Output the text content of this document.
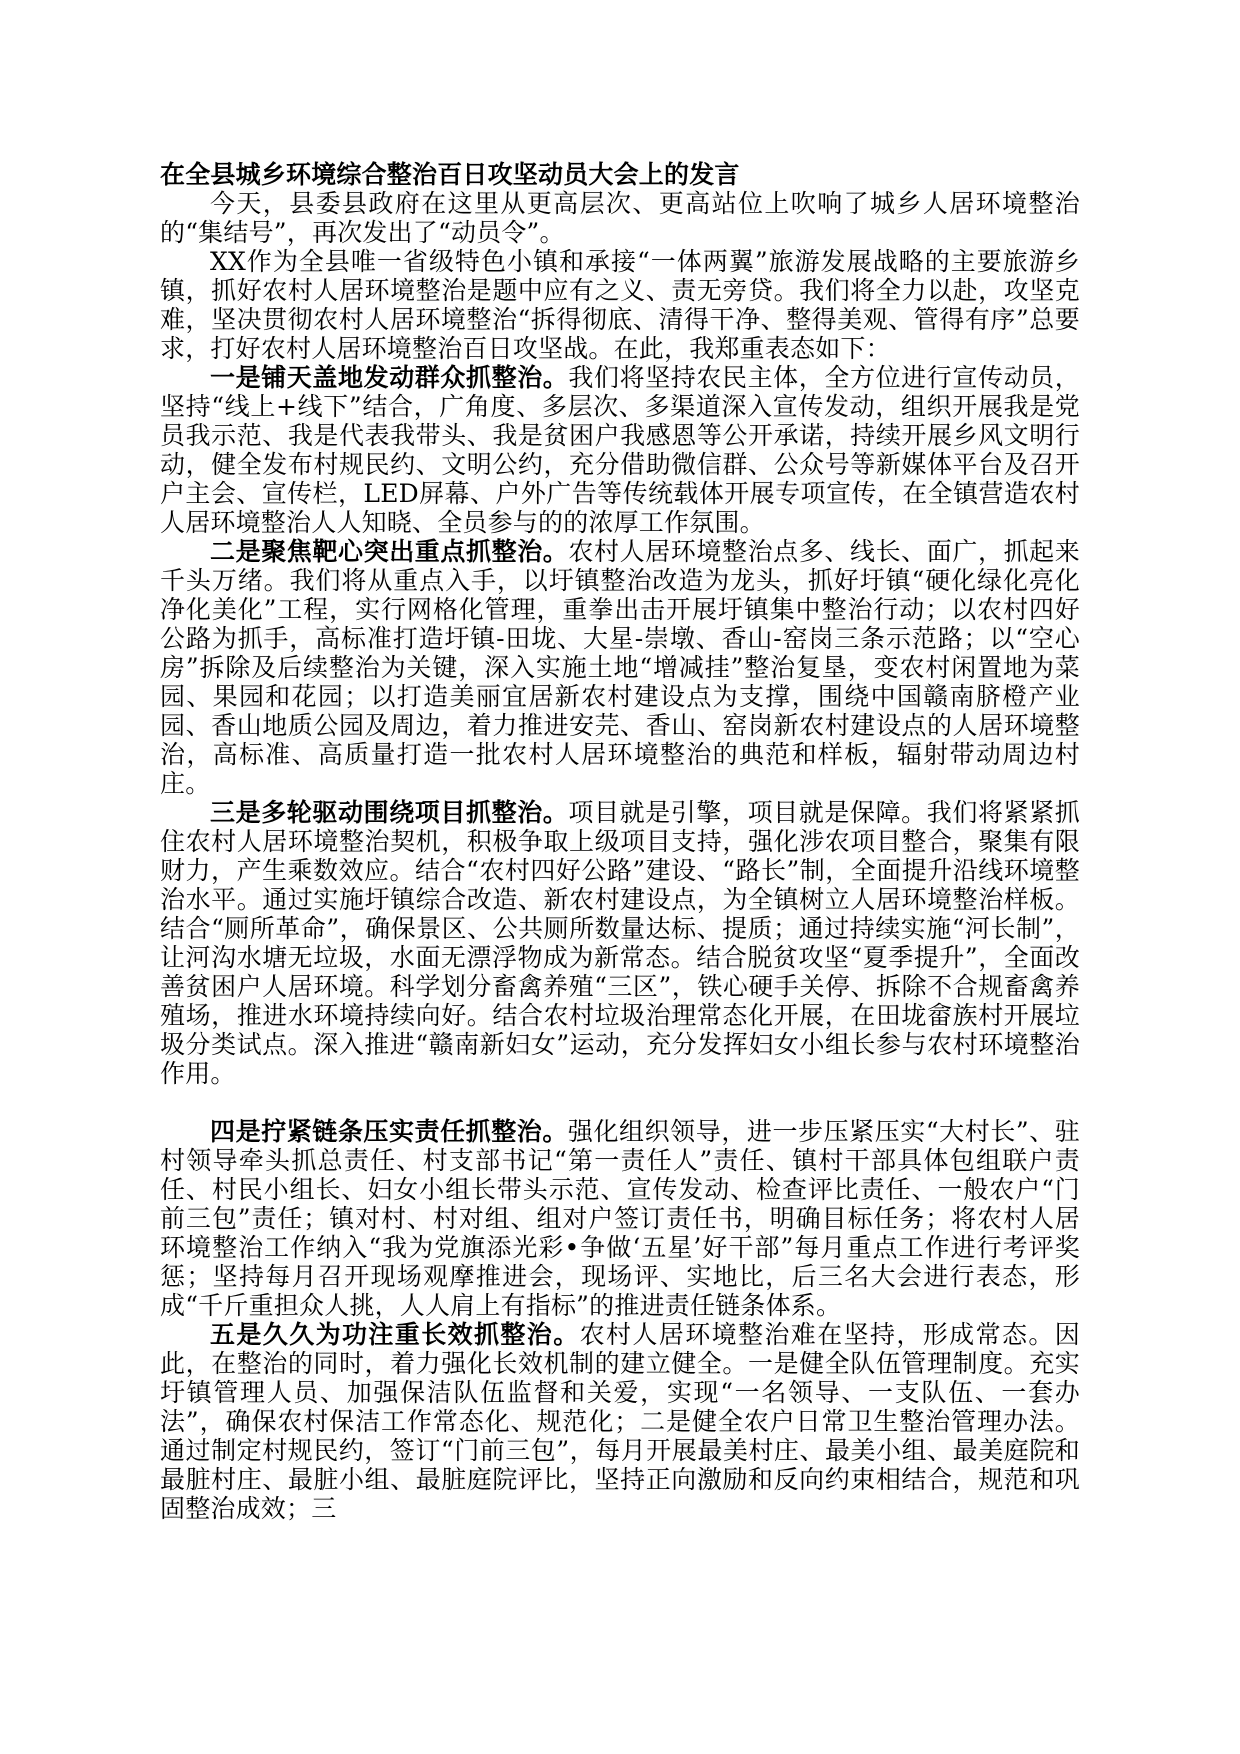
在全县城乡环境综合整治百日攻坚动员大会上的发言

今天，县委县政府在这里从更高层次、更高站位上吹响了城乡人居环境整治的“集结号”，再次发出了“动员令”。

XX作为全县唯一省级特色小镇和承接“一体两翼”旅游发展战略的主要旅游乡镇，抓好农村人居环境整治是题中应有之义、责无旁贷。我们将全力以赴，攻坚克难，坚决贯彻农村人居环境整治“拆得彻底、清得干净、整得美观、管得有序”总要求，打好农村人居环境整治百日攻坚战。在此，我郑重表态如下：

一是铺天盖地发动群众抓整治。我们将坚持农民主体，全方位进行宣传动员，坚持“线上+线下”结合，广角度、多层次、多渠道深入宣传发动，组织开展我是党员我示范、我是代表我带头、我是贫困户我感恩等公开承诺，持续开展乡风文明行动，健全发布村规民约、文明公约，充分借助微信群、公众号等新媒体平台及召开户主会、宣传栏，LED屏幕、户外广告等传统载体开展专项宣传，在全镇营造农村人居环境整治人人知晓、全员参与的的浓厚工作氛围。

二是聚焦靶心突出重点抓整治。农村人居环境整治点多、线长、面广，抓起来千头万绪。我们将从重点入手，以圩镇整治改造为龙头，抓好圩镇“硬化绿化亮化净化美化”工程，实行网格化管理，重拳出击开展圩镇集中整治行动；以农村四好公路为抓手，高标准打造圩镇-田垅、大星-崇墩、香山-窑岗三条示范路；以“空心房”拆除及后续整治为关键，深入实施土地“增减挂”整治复垦，变农村闲置地为菜园、果园和花园；以打造美丽宜居新农村建设点为支撑，围绕中国赣南脐橙产业园、香山地质公园及周边，着力推进安芫、香山、窑岗新农村建设点的人居环境整治，高标准、高质量打造一批农村人居环境整治的典范和样板，辐射带动周边村庄。

三是多轮驱动围绕项目抓整治。项目就是引擎，项目就是保障。我们将紧紧抓住农村人居环境整治契机，积极争取上级项目支持，强化涉农项目整合，聚集有限财力，产生乘数效应。结合“农村四好公路”建设、“路长”制，全面提升沿线环境整治水平。通过实施圩镇综合改造、新农村建设点，为全镇树立人居环境整治样板。结合“厕所革命”，确保景区、公共厕所数量达标、提质；通过持续实施“河长制”，让河沟水塘无垃圾，水面无漂浮物成为新常态。结合脱贫攻坚“夏季提升”，全面改善贫困户人居环境。科学划分畜禽养殖“三区”，铁心硬手关停、拆除不合规畜禽养殖场，推进水环境持续向好。结合农村垃圾治理常态化开展，在田垅畲族村开展垃圾分类试点。深入推进“赣南新妇女”运动，充分发挥妇女小组长参与农村环境整治作用。

四是拧紧链条压实责任抓整治。强化组织领导，进一步压紧压实“大村长”、驻村领导牵头抓总责任、村支部书记“第一责任人”责任、镇村干部具体包组联户责任、村民小组长、妇女小组长带头示范、宣传发动、检查评比责任、一般农户“门前三包”责任；镇对村、村对组、组对户签订责任书，明确目标任务；将农村人居环境整治工作纳入“我为党旗添光彩•争做‘五星’好干部”每月重点工作进行考评奖惩；坚持每月召开现场观摩推进会，现场评、实地比，后三名大会进行表态，形成“千斤重担众人挑，人人肩上有指标”的推进责任链条体系。

五是久久为功注重长效抓整治。农村人居环境整治难在坚持，形成常态。因此，在整治的同时，着力强化长效机制的建立健全。一是健全队伍管理制度。充实圩镇管理人员、加强保洁队伍监督和关爱，实现“一名领导、一支队伍、一套办法”，确保农村保洁工作常态化、规范化；二是健全农户日常卫生整治管理办法。通过制定村规民约，签订“门前三包”，每月开展最美村庄、最美小组、最美庭院和最脏村庄、最脏小组、最脏庭院评比，坚持正向激励和反向约束相结合，规范和巩固整治成效；三
